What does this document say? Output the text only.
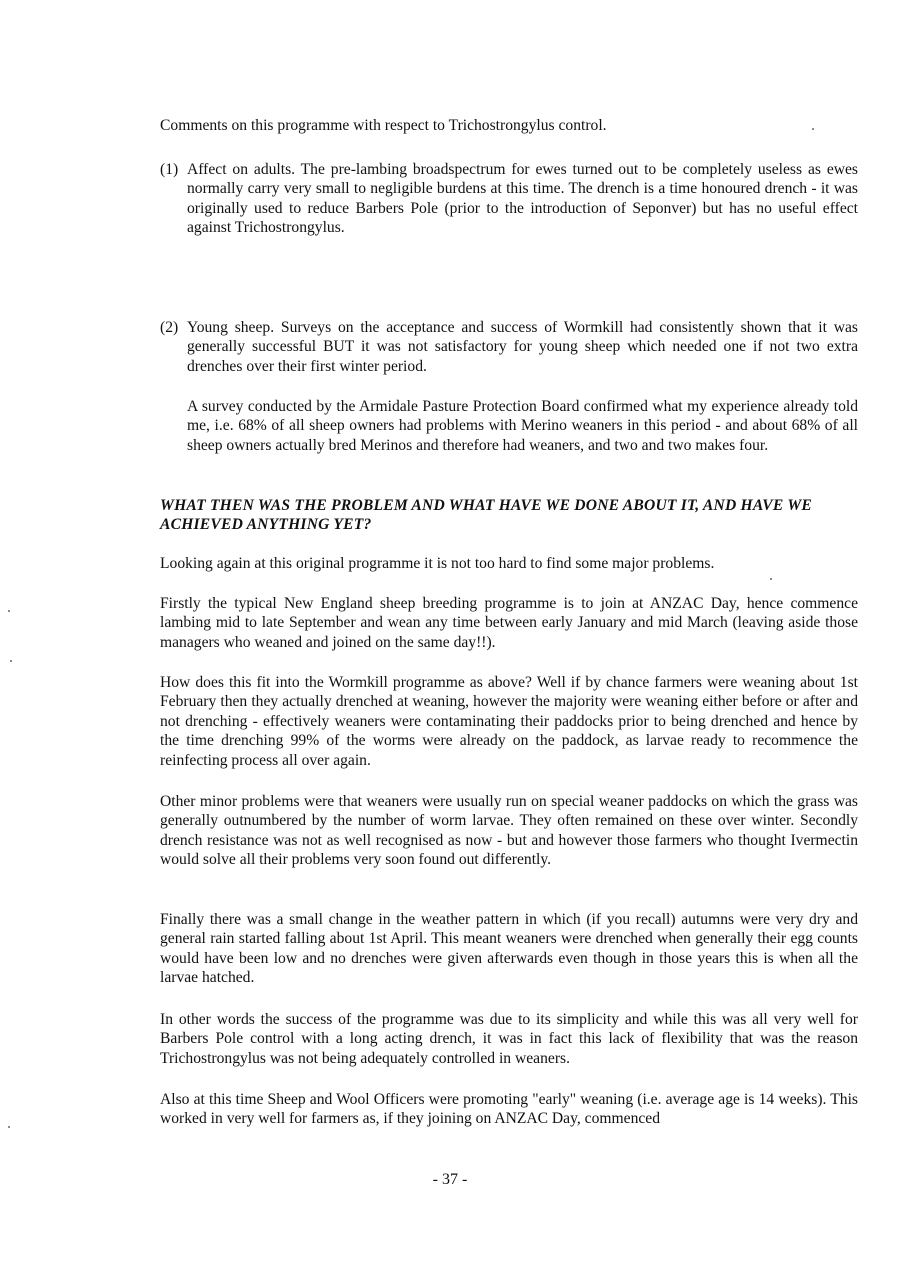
Comments on this programme with respect to Trichostrongylus control.

(1) Affect on adults. The pre-lambing broadspectrum for ewes turned out to be completely useless as ewes normally carry very small to negligible burdens at this time. The drench is a time honoured drench - it was originally used to reduce Barbers Pole (prior to the introduction of Seponver) but has no useful effect against Trichostrongylus.

(2) Young sheep. Surveys on the acceptance and success of Wormkill had consistently shown that it was generally successful BUT it was not satisfactory for young sheep which needed one if not two extra drenches over their first winter period.

A survey conducted by the Armidale Pasture Protection Board confirmed what my experience already told me, i.e. 68% of all sheep owners had problems with Merino weaners in this period - and about 68% of all sheep owners actually bred Merinos and therefore had weaners, and two and two makes four.

WHAT THEN WAS THE PROBLEM AND WHAT HAVE WE DONE ABOUT IT, AND HAVE WE ACHIEVED ANYTHING YET?

Looking again at this original programme it is not too hard to find some major problems.

Firstly the typical New England sheep breeding programme is to join at ANZAC Day, hence commence lambing mid to late September and wean any time between early January and mid March (leaving aside those managers who weaned and joined on the same day!!).

How does this fit into the Wormkill programme as above? Well if by chance farmers were weaning about 1st February then they actually drenched at weaning, however the majority were weaning either before or after and not drenching - effectively weaners were contaminating their paddocks prior to being drenched and hence by the time drenching 99% of the worms were already on the paddock, as larvae ready to recommence the reinfecting process all over again.

Other minor problems were that weaners were usually run on special weaner paddocks on which the grass was generally outnumbered by the number of worm larvae. They often remained on these over winter. Secondly drench resistance was not as well recognised as now - but and however those farmers who thought Ivermectin would solve all their problems very soon found out differently.

Finally there was a small change in the weather pattern in which (if you recall) autumns were very dry and general rain started falling about 1st April. This meant weaners were drenched when generally their egg counts would have been low and no drenches were given afterwards even though in those years this is when all the larvae hatched.

In other words the success of the programme was due to its simplicity and while this was all very well for Barbers Pole control with a long acting drench, it was in fact this lack of flexibility that was the reason Trichostrongylus was not being adequately controlled in weaners.

Also at this time Sheep and Wool Officers were promoting "early" weaning (i.e. average age is 14 weeks). This worked in very well for farmers as, if they joining on ANZAC Day, commenced

- 37 -
